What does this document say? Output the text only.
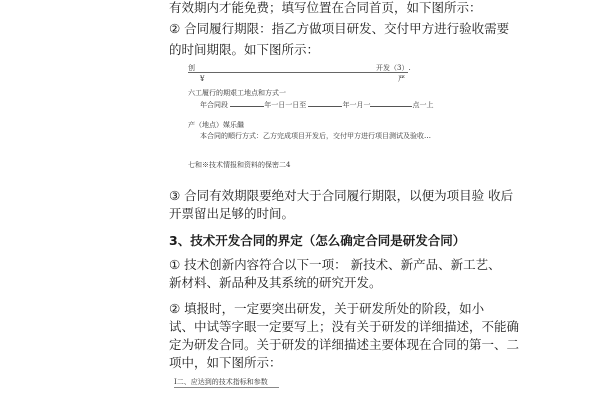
有效期内才能免费；填写位置在合同首页，如下图所示：
② 合同履行期限：指乙方做项目研发、交付甲方进行验收需要
的时间期限。如下图所示：
创	开发（3）.
¥	严
六工履行的期艰工地点和方式一
年合同段	年一日一日至	年一月一	点一上
产（地点）媒乐繼
本合同的順行方式：乙方完成项目开发后，交付甲方进行项目测试及验收…
七和※技术情报和资料的保密二4
③ 合同有效期限要绝对大于合同履行期限，以便为项目验 收后
开票留出足够的时间。
3、技术开发合同的界定（怎么确定合同是研发合同）
① 技术创新内容符合以下一项： 新技术、新产品、新工艺、
新材料、新品种及其系统的研究开发。
② 填报时，一定要突出研发，关于研发所处的阶段，如小
试、中试等字眼一定要写上；没有关于研发的详细描述，不能确
定为研发合同。关于研发的详细描述主要体现在合同的第一、二
项中，如下图所示：
I二、应达到的技术指标和参数
